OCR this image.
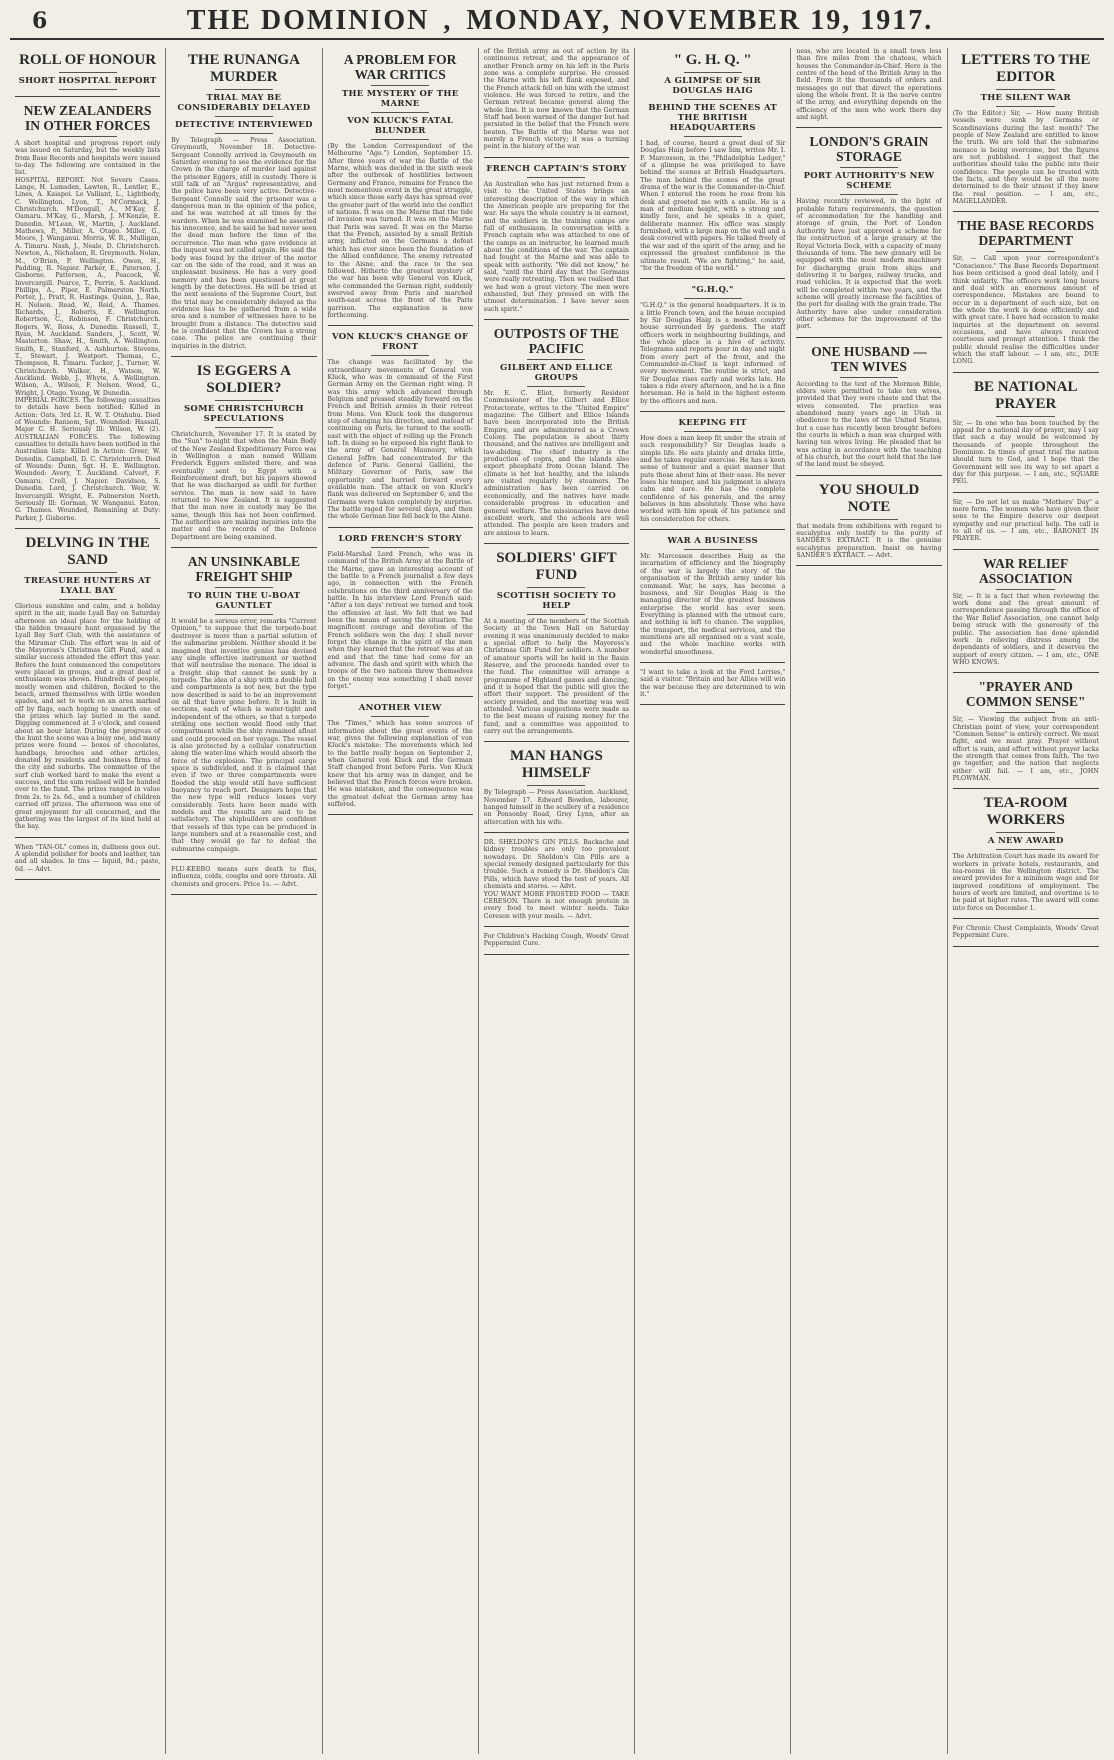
6	THE DOMINION , MONDAY, NOVEMBER 19, 1917.
ROLL OF HONOUR
SHORT HOSPITAL REPORT
NEW ZEALANDERS IN OTHER FORCES
A short hospital and progress report only was issued on Saturday, but the weekly lists from Base Records and hospitals were issued to-day. The following are contained in the list.
HOSPITAL REPORT. Not Severe Cases. Lange, H. Lumsden, Lawton, R., Lentler, E., Lines, A. Kaiapoi. Le Valliant, L., Lightbody, C. Wellington. Lyon, T., M'Cormack, J. Christchurch. M'Dougall, A., M'Kay, E. Oamaru. M'Kay, G., Marsh, J. M'Kenzie, E. Dunedin. M'Lean, W., Martin, J. Auckland. Mathews, P., Miller, A. Otago. Miller, G., Moore, J. Wanganui. Morris, W. R., Mulligan, A. Timaru. Nash, J., Neale, D. Christchurch. Newton, A., Nicholson, R. Greymouth. Nolan, M., O'Brien, P. Wellington. Owen, H., Padding, R. Napier. Parker, E., Paterson, J. Gisborne. Patterson, A., Peacock, W. Invercargill. Pearce, T., Perrin, S. Auckland. Phillips, A., Piper, E. Palmerston North. Porter, J., Pratt, R. Hastings. Quinn, J., Rae, H. Nelson. Read, W., Reid, A. Thames. Richards, J., Roberts, E. Wellington. Robertson, C., Robinson, F. Christchurch. Rogers, W., Ross, A. Dunedin. Russell, T., Ryan, M. Auckland. Sanders, J., Scott, W. Masterton. Shaw, H., Smith, A. Wellington. Smith, E., Stanford, A. Ashburton. Stevens, T., Stewart, J. Westport. Thomas, C., Thompson, R. Timaru. Tucker, J., Turner, W. Christchurch. Walker, H., Watson, W. Auckland. Webb, J., Whyte, A. Wellington. Wilson, A., Wilson, F. Nelson. Wood, G., Wright, J. Otago. Young, W. Dunedin.
IMPERIAL FORCES. The following casualties to details have been notified: Killed in Action: Oats, 3rd Lt. R. W. T. Otahuhu. Died of Wounds: Ransom, Sgt. Wounded: Hassall, Major C. H. Seriously Ill: Wilson, W. (2). AUSTRALIAN FORCES. The following casualties to details have been notified in the Australian lists: Killed in Action: Greer, W. Dunedin. Campbell, D. C. Christchurch. Died of Wounds: Dunn, Sgt. H. E. Wellington. Wounded: Avery, T. Auckland. Calvert, F. Oamaru. Crell, J. Napier. Davidson, S. Dunedin. Lord, J. Christchurch. Weir, W. Invercargill. Wright, E. Palmerston North. Seriously Ill: Gorman, W. Wanganui. Eaton, G. Thames. Wounded, Remaining at Duty: Parker, J. Gisborne.
DELVING IN THE SAND
TREASURE HUNTERS AT LYALL BAY
Glorious sunshine and calm, and a holiday spirit in the air, made Lyall Bay on Saturday afternoon an ideal place for the holding of the hidden treasure hunt organised by the Lyall Bay Surf Club, with the assistance of the Miramar Club. The effort was in aid of the Mayoress's Christmas Gift Fund, and a similar success attended the effort this year. Before the hunt commenced the competitors were placed in groups, and a great deal of enthusiasm was shown. Hundreds of people, mostly women and children, flocked to the beach, armed themselves with little wooden spades, and set to work on an area marked off by flags, each hoping to unearth one of the prizes which lay buried in the sand. Digging commenced at 3 o'clock, and ceased about an hour later. During the progress of the hunt the scene was a busy one, and many prizes were found — boxes of chocolates, handbags, brooches and other articles, donated by residents and business firms of the city and suburbs. The committee of the surf club worked hard to make the event a success, and the sum realised will be handed over to the fund. The prizes ranged in value from 2s. to 2s. 6d., and a number of children carried off prizes. The afternoon was one of great enjoyment for all concerned, and the gathering was the largest of its kind held at the bay.
When "TAN-OL" comes in, dullness goes out. A splendid polisher for boots and leather, tan and all shades. In tins — liquid, 9d.; paste, 6d. — Advt.
THE RUNANGA MURDER
TRIAL MAY BE CONSIDERABLY DELAYED
DETECTIVE INTERVIEWED
By Telegraph — Press Association. Greymouth, November 18. Detective-Sergeant Connolly arrived in Greymouth on Saturday evening to see the evidence for the Crown in the charge of murder laid against the prisoner Eggers, still in custody. There is still talk of an "Argus" representative, and the police have been very active. Detective-Sergeant Connolly said the prisoner was a dangerous man in the opinion of the police, and he was watched at all times by the warders. When he was examined he asserted his innocence, and he said he had never seen the dead man before the time of the occurrence. The man who gave evidence at the inquest was not called again. He said the body was found by the driver of the motor car on the side of the road, and it was an unpleasant business. He has a very good memory and has been questioned at great length by the detectives. He will be tried at the next sessions of the Supreme Court, but the trial may be considerably delayed as the evidence has to be gathered from a wide area and a number of witnesses have to be brought from a distance. The detective said he is confident that the Crown has a strong case. The police are continuing their inquiries in the district.
IS EGGERS A SOLDIER?
SOME CHRISTCHURCH SPECULATIONS
Christchurch, November 17. It is stated by the "Sun" to-night that when the Main Body of the New Zealand Expeditionary Force was in Wellington a man named William Frederick Eggers enlisted there, and was eventually sent to Egypt with a Reinforcement draft, but his papers showed that he was discharged as unfit for further service. The man is now said to have returned to New Zealand. It is suggested that the man now in custody may be the same, though this has not been confirmed. The authorities are making inquiries into the matter and the records of the Defence Department are being examined.
AN UNSINKABLE FREIGHT SHIP
TO RUIN THE U-BOAT GAUNTLET
It would be a serious error, remarks "Current Opinion," to suppose that the torpedo-boat destroyer is more than a partial solution of the submarine problem. Neither should it be imagined that inventive genius has devised any single effective instrument or method that will neutralise the menace. The ideal is a freight ship that cannot be sunk by a torpedo. The idea of a ship with a double hull and compartments is not new, but the type now described is said to be an improvement on all that have gone before. It is built in sections, each of which is water-tight and independent of the others, so that a torpedo striking one section would flood only that compartment while the ship remained afloat and could proceed on her voyage. The vessel is also protected by a cellular construction along the water-line which would absorb the force of the explosion. The principal cargo space is subdivided, and it is claimed that even if two or three compartments were flooded the ship would still have sufficient buoyancy to reach port. Designers hope that the new type will reduce losses very considerably. Tests have been made with models and the results are said to be satisfactory. The shipbuilders are confident that vessels of this type can be produced in large numbers and at a reasonable cost, and that they would go far to defeat the submarine campaign.
FLU-KEEBO means sure death to flus, influenza, colds, coughs and sore throats. All chemists and grocers. Price 1s. — Advt.
A PROBLEM FOR WAR CRITICS
THE MYSTERY OF THE MARNE
VON KLUCK'S FATAL BLUNDER
(By the London Correspondent of the Melbourne "Age.") London, September 15. After three years of war the Battle of the Marne, which was decided in the sixth week after the outbreak of hostilities between Germany and France, remains for France the most momentous event in the great struggle, which since those early days has spread over the greater part of the world into the conflict of nations. It was on the Marne that the tide of invasion was turned. It was on the Marne that Paris was saved. It was on the Marne that the French, assisted by a small British army, inflicted on the Germans a defeat which has ever since been the foundation of the Allied confidence. The enemy retreated to the Aisne, and the race to the sea followed. Hitherto the greatest mystery of the war has been why General von Kluck, who commanded the German right, suddenly swerved away from Paris and marched south-east across the front of the Paris garrison. The explanation is now forthcoming.
VON KLUCK'S CHANGE OF FRONT
The change was facilitated by the extraordinary movements of General von Kluck, who was in command of the First German Army on the German right wing. It was this army which advanced through Belgium and pressed steadily forward on the French and British armies in their retreat from Mons. Von Kluck took the dangerous step of changing his direction, and instead of continuing on Paris, he turned to the south-east with the object of rolling up the French left. In doing so he exposed his right flank to the army of General Maunoury, which General Joffre had concentrated for the defence of Paris. General Galliéni, the Military Governor of Paris, saw the opportunity and hurried forward every available man. The attack on von Kluck's flank was delivered on September 6, and the Germans were taken completely by surprise. The battle raged for several days, and then the whole German line fell back to the Aisne.
LORD FRENCH'S STORY
Field-Marshal Lord French, who was in command of the British Army at the Battle of the Marne, gave an interesting account of the battle to a French journalist a few days ago, in connection with the French celebrations on the third anniversary of the battle. In his interview Lord French said: "After a ten days' retreat we turned and took the offensive at last. We felt that we had been the means of saving the situation. The magnificent courage and devotion of the French soldiers won the day. I shall never forget the change in the spirit of the men when they learned that the retreat was at an end and that the time had come for an advance. The dash and spirit with which the troops of the two nations threw themselves on the enemy was something I shall never forget."
ANOTHER VIEW
The "Times," which has some sources of information about the great events of the war, gives the following explanation of von Kluck's mistake: The movements which led to the battle really began on September 2, when General von Kluck and the German Staff changed front before Paris. Von Kluck knew that his army was in danger, and he believed that the French forces were broken. He was mistaken, and the consequence was the greatest defeat the German army has suffered.
of the British army as out of action by its continuous retreat, and the appearance of another French army on his left in the Paris zone was a complete surprise. He crossed the Marne with his left flank exposed, and the French attack fell on him with the utmost violence. He was forced to retire, and the German retreat became general along the whole line. It is now known that the German Staff had been warned of the danger but had persisted in the belief that the French were beaten. The Battle of the Marne was not merely a French victory; it was a turning point in the history of the war.
FRENCH CAPTAIN'S STORY
An Australian who has just returned from a visit to the United States brings an interesting description of the way in which the American people are preparing for the war. He says the whole country is in earnest, and the soldiers in the training camps are full of enthusiasm. In conversation with a French captain who was attached to one of the camps as an instructor, he learned much about the conditions of the war. The captain had fought at the Marne and was able to speak with authority. "We did not know," he said, "until the third day that the Germans were really retreating. Then we realised that we had won a great victory. The men were exhausted, but they pressed on with the utmost determination. I have never seen such spirit."
OUTPOSTS OF THE PACIFIC
GILBERT AND ELLICE GROUPS
Mr. E. C. Eliot, formerly Resident Commissioner of the Gilbert and Ellice Protectorate, writes to the "United Empire" magazine: The Gilbert and Ellice Islands have been incorporated into the British Empire, and are administered as a Crown Colony. The population is about thirty thousand, and the natives are intelligent and law-abiding. The chief industry is the production of copra, and the islands also export phosphate from Ocean Island. The climate is hot but healthy, and the islands are visited regularly by steamers. The administration has been carried on economically, and the natives have made considerable progress in education and general welfare. The missionaries have done excellent work, and the schools are well attended. The people are keen traders and are anxious to learn.
SOLDIERS' GIFT FUND
SCOTTISH SOCIETY TO HELP
At a meeting of the members of the Scottish Society at the Town Hall on Saturday evening it was unanimously decided to make a special effort to help the Mayoress's Christmas Gift Fund for soldiers. A number of amateur sports will be held in the Basin Reserve, and the proceeds handed over to the fund. The committee will arrange a programme of Highland games and dancing, and it is hoped that the public will give the effort their support. The president of the society presided, and the meeting was well attended. Various suggestions were made as to the best means of raising money for the fund, and a committee was appointed to carry out the arrangements.
MAN HANGS HIMSELF
By Telegraph — Press Association. Auckland, November 17. Edward Bowden, labourer, hanged himself in the scullery of a residence on Ponsonby Road, Grey Lynn, after an altercation with his wife.
DR. SHELDON'S GIN PILLS. Backache and kidney troubles are only too prevalent nowadays. Dr. Sheldon's Gin Pills are a special remedy designed particularly for this trouble. Such a remedy is Dr. Sheldon's Gin Pills, which have stood the test of years. All chemists and stores. — Advt.
YOU WANT MORE FROSTED FOOD — TAKE CERESON. There is not enough protein in every food to meet winter needs. Take Cereson with your meals. — Advt.
For Children's Hacking Cough, Woods' Great Peppermint Cure.
" G. H. Q. "
A GLIMPSE OF SIR DOUGLAS HAIG
BEHIND THE SCENES AT THE BRITISH HEADQUARTERS
I had, of course, heard a great deal of Sir Douglas Haig before I saw him, writes Mr. I. F. Marcosson, in the "Philadelphia Ledger," of a glimpse he was privileged to have behind the scenes at British Headquarters. The man behind the scenes of the great drama of the war is the Commander-in-Chief. When I entered the room he rose from his desk and greeted me with a smile. He is a man of medium height, with a strong and kindly face, and he speaks in a quiet, deliberate manner. His office was simply furnished, with a large map on the wall and a desk covered with papers. He talked freely of the war and of the spirit of the army, and he expressed the greatest confidence in the ultimate result. "We are fighting," he said, "for the freedom of the world."
"G.H.Q."
"G.H.Q." is the general headquarters. It is in a little French town, and the house occupied by Sir Douglas Haig is a modest country house surrounded by gardens. The staff officers work in neighbouring buildings, and the whole place is a hive of activity. Telegrams and reports pour in day and night from every part of the front, and the Commander-in-Chief is kept informed of every movement. The routine is strict, and Sir Douglas rises early and works late. He takes a ride every afternoon, and he is a fine horseman. He is held in the highest esteem by the officers and men.
KEEPING FIT
How does a man keep fit under the strain of such responsibility? Sir Douglas leads a simple life. He eats plainly and drinks little, and he takes regular exercise. He has a keen sense of humour and a quiet manner that puts those about him at their ease. He never loses his temper, and his judgment is always calm and sure. He has the complete confidence of his generals, and the army believes in him absolutely. Those who have worked with him speak of his patience and his consideration for others.
WAR A BUSINESS
Mr. Marcosson describes Haig as the incarnation of efficiency and the biography of the war is largely the story of the organisation of the British army under his command. War, he says, has become a business, and Sir Douglas Haig is the managing director of the greatest business enterprise the world has ever seen. Everything is planned with the utmost care, and nothing is left to chance. The supplies, the transport, the medical services, and the munitions are all organised on a vast scale, and the whole machine works with wonderful smoothness.
"I want to take a look at the Ford Lorries," said a visitor. "Britain and her Allies will win the war because they are determined to win it."
ness, who are located in a small town less than five miles from the chateau, which houses the Commander-in-Chief. Here is the centre of the head of the British Army in the field. From it the thousands of orders and messages go out that direct the operations along the whole front. It is the nerve centre of the army, and everything depends on the efficiency of the men who work there day and night.
LONDON'S GRAIN STORAGE
PORT AUTHORITY'S NEW SCHEME
Having recently reviewed, in the light of probable future requirements, the question of accommodation for the handling and storage of grain, the Port of London Authority have just approved a scheme for the construction of a large granary at the Royal Victoria Dock, with a capacity of many thousands of tons. The new granary will be equipped with the most modern machinery for discharging grain from ships and delivering it to barges, railway trucks, and road vehicles. It is expected that the work will be completed within two years, and the scheme will greatly increase the facilities of the port for dealing with the grain trade. The Authority have also under consideration other schemes for the improvement of the port.
ONE HUSBAND — TEN WIVES
According to the text of the Mormon Bible, elders were permitted to take ten wives, provided that they were chaste and that the wives consented. The practice was abandoned many years ago in Utah in obedience to the laws of the United States, but a case has recently been brought before the courts in which a man was charged with having ten wives living. He pleaded that he was acting in accordance with the teaching of his church, but the court held that the law of the land must be obeyed.
YOU SHOULD NOTE
that medals from exhibitions with regard to eucalyptus only testify to the purity of SANDER'S EXTRACT. It is the genuine eucalyptus preparation. Insist on having SANDER'S EXTRACT. — Advt.
LETTERS TO THE EDITOR
THE SILENT WAR
(To the Editor.) Sir, — How many British vessels were sunk by Germans or Scandinavians during the last month? The people of New Zealand are entitled to know the truth. We are told that the submarine menace is being overcome, but the figures are not published. I suggest that the authorities should take the public into their confidence. The people can be trusted with the facts, and they would be all the more determined to do their utmost if they knew the real position. — I am, etc., MAGELLANDER.
THE BASE RECORDS DEPARTMENT
Sir, — Call upon your correspondent's "Conscience." The Base Records Department has been criticised a good deal lately, and I think unfairly. The officers work long hours and deal with an enormous amount of correspondence. Mistakes are bound to occur in a department of such size, but on the whole the work is done efficiently and with great care. I have had occasion to make inquiries at the department on several occasions, and have always received courteous and prompt attention. I think the public should realise the difficulties under which the staff labour. — I am, etc., DUE LONG.
BE NATIONAL PRAYER
Sir, — In one who has been touched by the appeal for a national day of prayer, may I say that such a day would be welcomed by thousands of people throughout the Dominion. In times of great trial the nation should turn to God, and I hope that the Government will see its way to set apart a day for this purpose. — I am, etc., SQUARE PEG.
Sir, — Do not let us make "Mothers' Day" a mere form. The women who have given their sons to the Empire deserve our deepest sympathy and our practical help. The call is to all of us. — I am, etc., BARONET IN PRAYER.
WAR RELIEF ASSOCIATION
Sir, — It is a fact that when reviewing the work done and the great amount of correspondence passing through the office of the War Relief Association, one cannot help being struck with the generosity of the public. The association has done splendid work in relieving distress among the dependants of soldiers, and it deserves the support of every citizen. — I am, etc., ONE WHO KNOWS.
"PRAYER AND COMMON SENSE"
Sir, — Viewing the subject from an anti-Christian point of view, your correspondent "Common Sense" is entirely correct. We must fight, and we must pray. Prayer without effort is vain, and effort without prayer lacks the strength that comes from faith. The two go together, and the nation that neglects either will fail. — I am, etc., JOHN PLOWMAN.
TEA-ROOM WORKERS
A NEW AWARD
The Arbitration Court has made its award for workers in private hotels, restaurants, and tea-rooms in the Wellington district. The award provides for a minimum wage and for improved conditions of employment. The hours of work are limited, and overtime is to be paid at higher rates. The award will come into force on December 1.
For Chronic Chest Complaints, Woods' Great Peppermint Cure.
